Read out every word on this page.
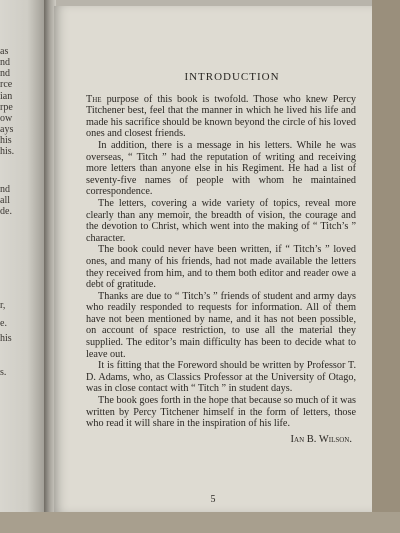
as
nd
nd
rce
ian
rpe
ow
ays
his
his.
nd
all
de.
r,
e.
his
s.
INTRODUCTION

The purpose of this book is twofold. Those who knew Percy Titchener best, feel that the manner in which he lived his life and made his sacrifice should be known beyond the circle of his loved ones and closest friends.

In addition, there is a message in his letters. While he was overseas, “ Titch ” had the reputation of writing and receiving more letters than anyone else in his Regiment. He had a list of seventy-five names of people with whom he maintained correspondence.

The letters, covering a wide variety of topics, reveal more clearly than any memoir, the breadth of vision, the courage and the devotion to Christ, which went into the making of “ Titch’s ” character.

The book could never have been written, if “ Titch’s ” loved ones, and many of his friends, had not made available the letters they received from him, and to them both editor and reader owe a debt of gratitude.

Thanks are due to “ Titch’s ” friends of student and army days who readily responded to requests for information. All of them have not been mentioned by name, and it has not been possible, on account of space restriction, to use all the material they supplied. The editor’s main difficulty has been to decide what to leave out.

It is fitting that the Foreword should be written by Professor T. D. Adams, who, as Classics Professor at the University of Otago, was in close contact with “ Titch ” in student days.

The book goes forth in the hope that because so much of it was written by Percy Titchener himself in the form of letters, those who read it will share in the inspiration of his life.

Ian B. Wilson.
5
